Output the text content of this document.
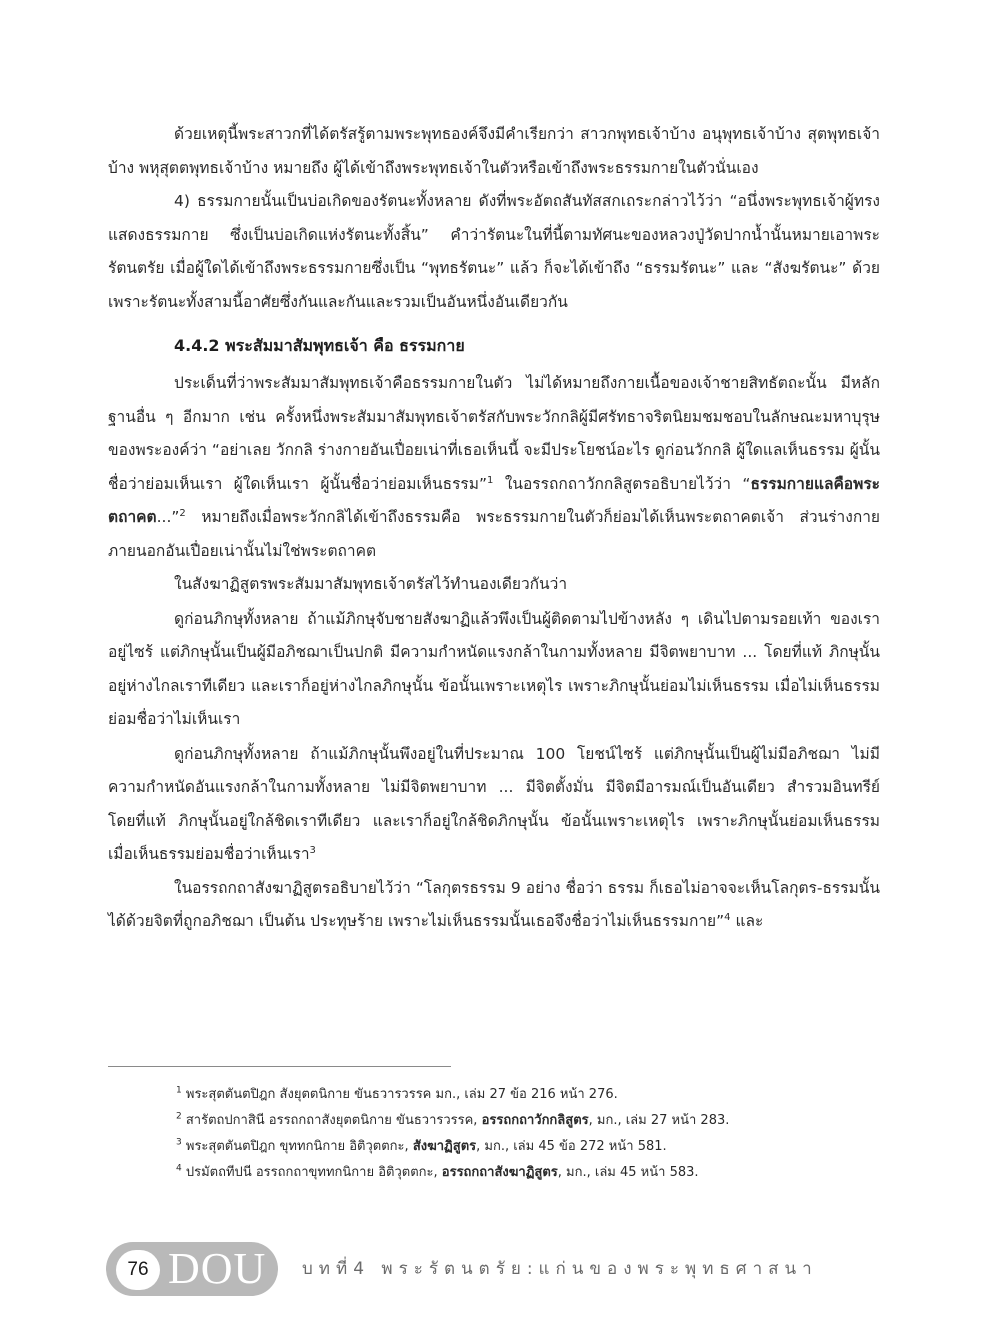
ด้วยเหตุนี้พระสาวกที่ได้ตรัสรู้ตามพระพุทธองค์จึงมีคำเรียกว่า สาวกพุทธเจ้าบ้าง อนุพุทธเจ้าบ้าง สุตพุทธเจ้าบ้าง พหุสุตตพุทธเจ้าบ้าง หมายถึง ผู้ได้เข้าถึงพระพุทธเจ้าในตัวหรือเข้าถึงพระธรรมกายในตัวนั่นเอง

4) ธรรมกายนั้นเป็นบ่อเกิดของรัตนะทั้งหลาย ดังที่พระอัตถสันทัสสกเถระกล่าวไว้ว่า “อนึ่งพระพุทธเจ้าผู้ทรงแสดงธรรมกาย ซึ่งเป็นบ่อเกิดแห่งรัตนะทั้งสิ้น” คำว่ารัตนะในที่นี้ตามทัศนะของหลวงปู่วัดปากน้ำนั้นหมายเอาพระรัตนตรัย เมื่อผู้ใดได้เข้าถึงพระธรรมกายซึ่งเป็น “พุทธรัตนะ” แล้ว ก็จะได้เข้าถึง “ธรรมรัตนะ” และ “สังฆรัตนะ” ด้วย เพราะรัตนะทั้งสามนี้อาศัยซึ่งกันและกันและรวมเป็นอันหนึ่งอันเดียวกัน

4.4.2 พระสัมมาสัมพุทธเจ้า คือ ธรรมกาย

ประเด็นที่ว่าพระสัมมาสัมพุทธเจ้าคือธรรมกายในตัว ไม่ได้หมายถึงกายเนื้อของเจ้าชายสิทธัตถะนั้น มีหลักฐานอื่น ๆ อีกมาก เช่น ครั้งหนึ่งพระสัมมาสัมพุทธเจ้าตรัสกับพระวักกลิผู้มีศรัทธาจริตนิยมชมชอบในลักษณะมหาบุรุษของพระองค์ว่า “อย่าเลย วักกลิ ร่างกายอันเปื่อยเน่าที่เธอเห็นนี้ จะมีประโยชน์อะไร ดูก่อนวักกลิ ผู้ใดแลเห็นธรรม ผู้นั้นชื่อว่าย่อมเห็นเรา ผู้ใดเห็นเรา ผู้นั้นชื่อว่าย่อมเห็นธรรม”$^1$ ในอรรถกถาวักกลิสูตรอธิบายไว้ว่า “ธรรมกายแลคือพระตถาคต...”$^2$ หมายถึงเมื่อพระวักกลิได้เข้าถึงธรรมคือ พระธรรมกายในตัวก็ย่อมได้เห็นพระตถาคตเจ้า ส่วนร่างกายภายนอกอันเปื่อยเน่านั้นไม่ใช่พระตถาคต

ในสังฆาฏิสูตรพระสัมมาสัมพุทธเจ้าตรัสไว้ทำนองเดียวกันว่า

ดูก่อนภิกษุทั้งหลาย ถ้าแม้ภิกษุจับชายสังฆาฏิแล้วพึงเป็นผู้ติดตามไปข้างหลัง ๆ เดินไปตามรอยเท้า ของเราอยู่ไซร้ แต่ภิกษุนั้นเป็นผู้มีอภิชฌาเป็นปกติ มีความกำหนัดแรงกล้าในกามทั้งหลาย มีจิตพยาบาท ... โดยที่แท้ ภิกษุนั้นอยู่ห่างไกลเราทีเดียว และเราก็อยู่ห่างไกลภิกษุนั้น ข้อนั้นเพราะเหตุไร เพราะภิกษุนั้นย่อมไม่เห็นธรรม เมื่อไม่เห็นธรรมย่อมชื่อว่าไม่เห็นเรา

ดูก่อนภิกษุทั้งหลาย ถ้าแม้ภิกษุนั้นพึงอยู่ในที่ประมาณ 100 โยชน์ไซร้ แต่ภิกษุนั้นเป็นผู้ไม่มีอภิชฌา ไม่มีความกำหนัดอันแรงกล้าในกามทั้งหลาย ไม่มีจิตพยาบาท ... มีจิตตั้งมั่น มีจิตมีอารมณ์เป็นอันเดียว สำรวมอินทรีย์โดยที่แท้ ภิกษุนั้นอยู่ใกล้ชิดเราทีเดียว และเราก็อยู่ใกล้ชิดภิกษุนั้น ข้อนั้นเพราะเหตุไร เพราะภิกษุนั้นย่อมเห็นธรรม เมื่อเห็นธรรมย่อมชื่อว่าเห็นเรา$^3$

ในอรรถกถาสังฆาฏิสูตรอธิบายไว้ว่า “โลกุตรธรรม 9 อย่าง ชื่อว่า ธรรม ก็เธอไม่อาจจะเห็นโลกุตร-ธรรมนั้นได้ด้วยจิตที่ถูกอภิชฌา เป็นต้น ประทุษร้าย เพราะไม่เห็นธรรมนั้นเธอจึงชื่อว่าไม่เห็นธรรมกาย”$^4$ และ

$^1$ พระสุตตันตปิฎก สังยุตตนิกาย ขันธวารวรรค มก., เล่ม 27 ข้อ 216 หน้า 276.
$^2$ สารัตถปกาสินี อรรถกถาสังยุตตนิกาย ขันธวารวรรค, อรรถกถาวักกลิสูตร, มก., เล่ม 27 หน้า 283.
$^3$ พระสุตตันตปิฎก ขุททกนิกาย อิติวุตตกะ, สังฆาฏิสูตร, มก., เล่ม 45 ข้อ 272 หน้า 581.
$^4$ ปรมัตถทีปนี อรรถกถาขุททกนิกาย อิติวุตตกะ, อรรถกถาสังฆาฏิสูตร, มก., เล่ม 45 หน้า 583.
76 DOU บทที่4 พระรัตนตรัย:แก่นของพระพุทธศาสนา
